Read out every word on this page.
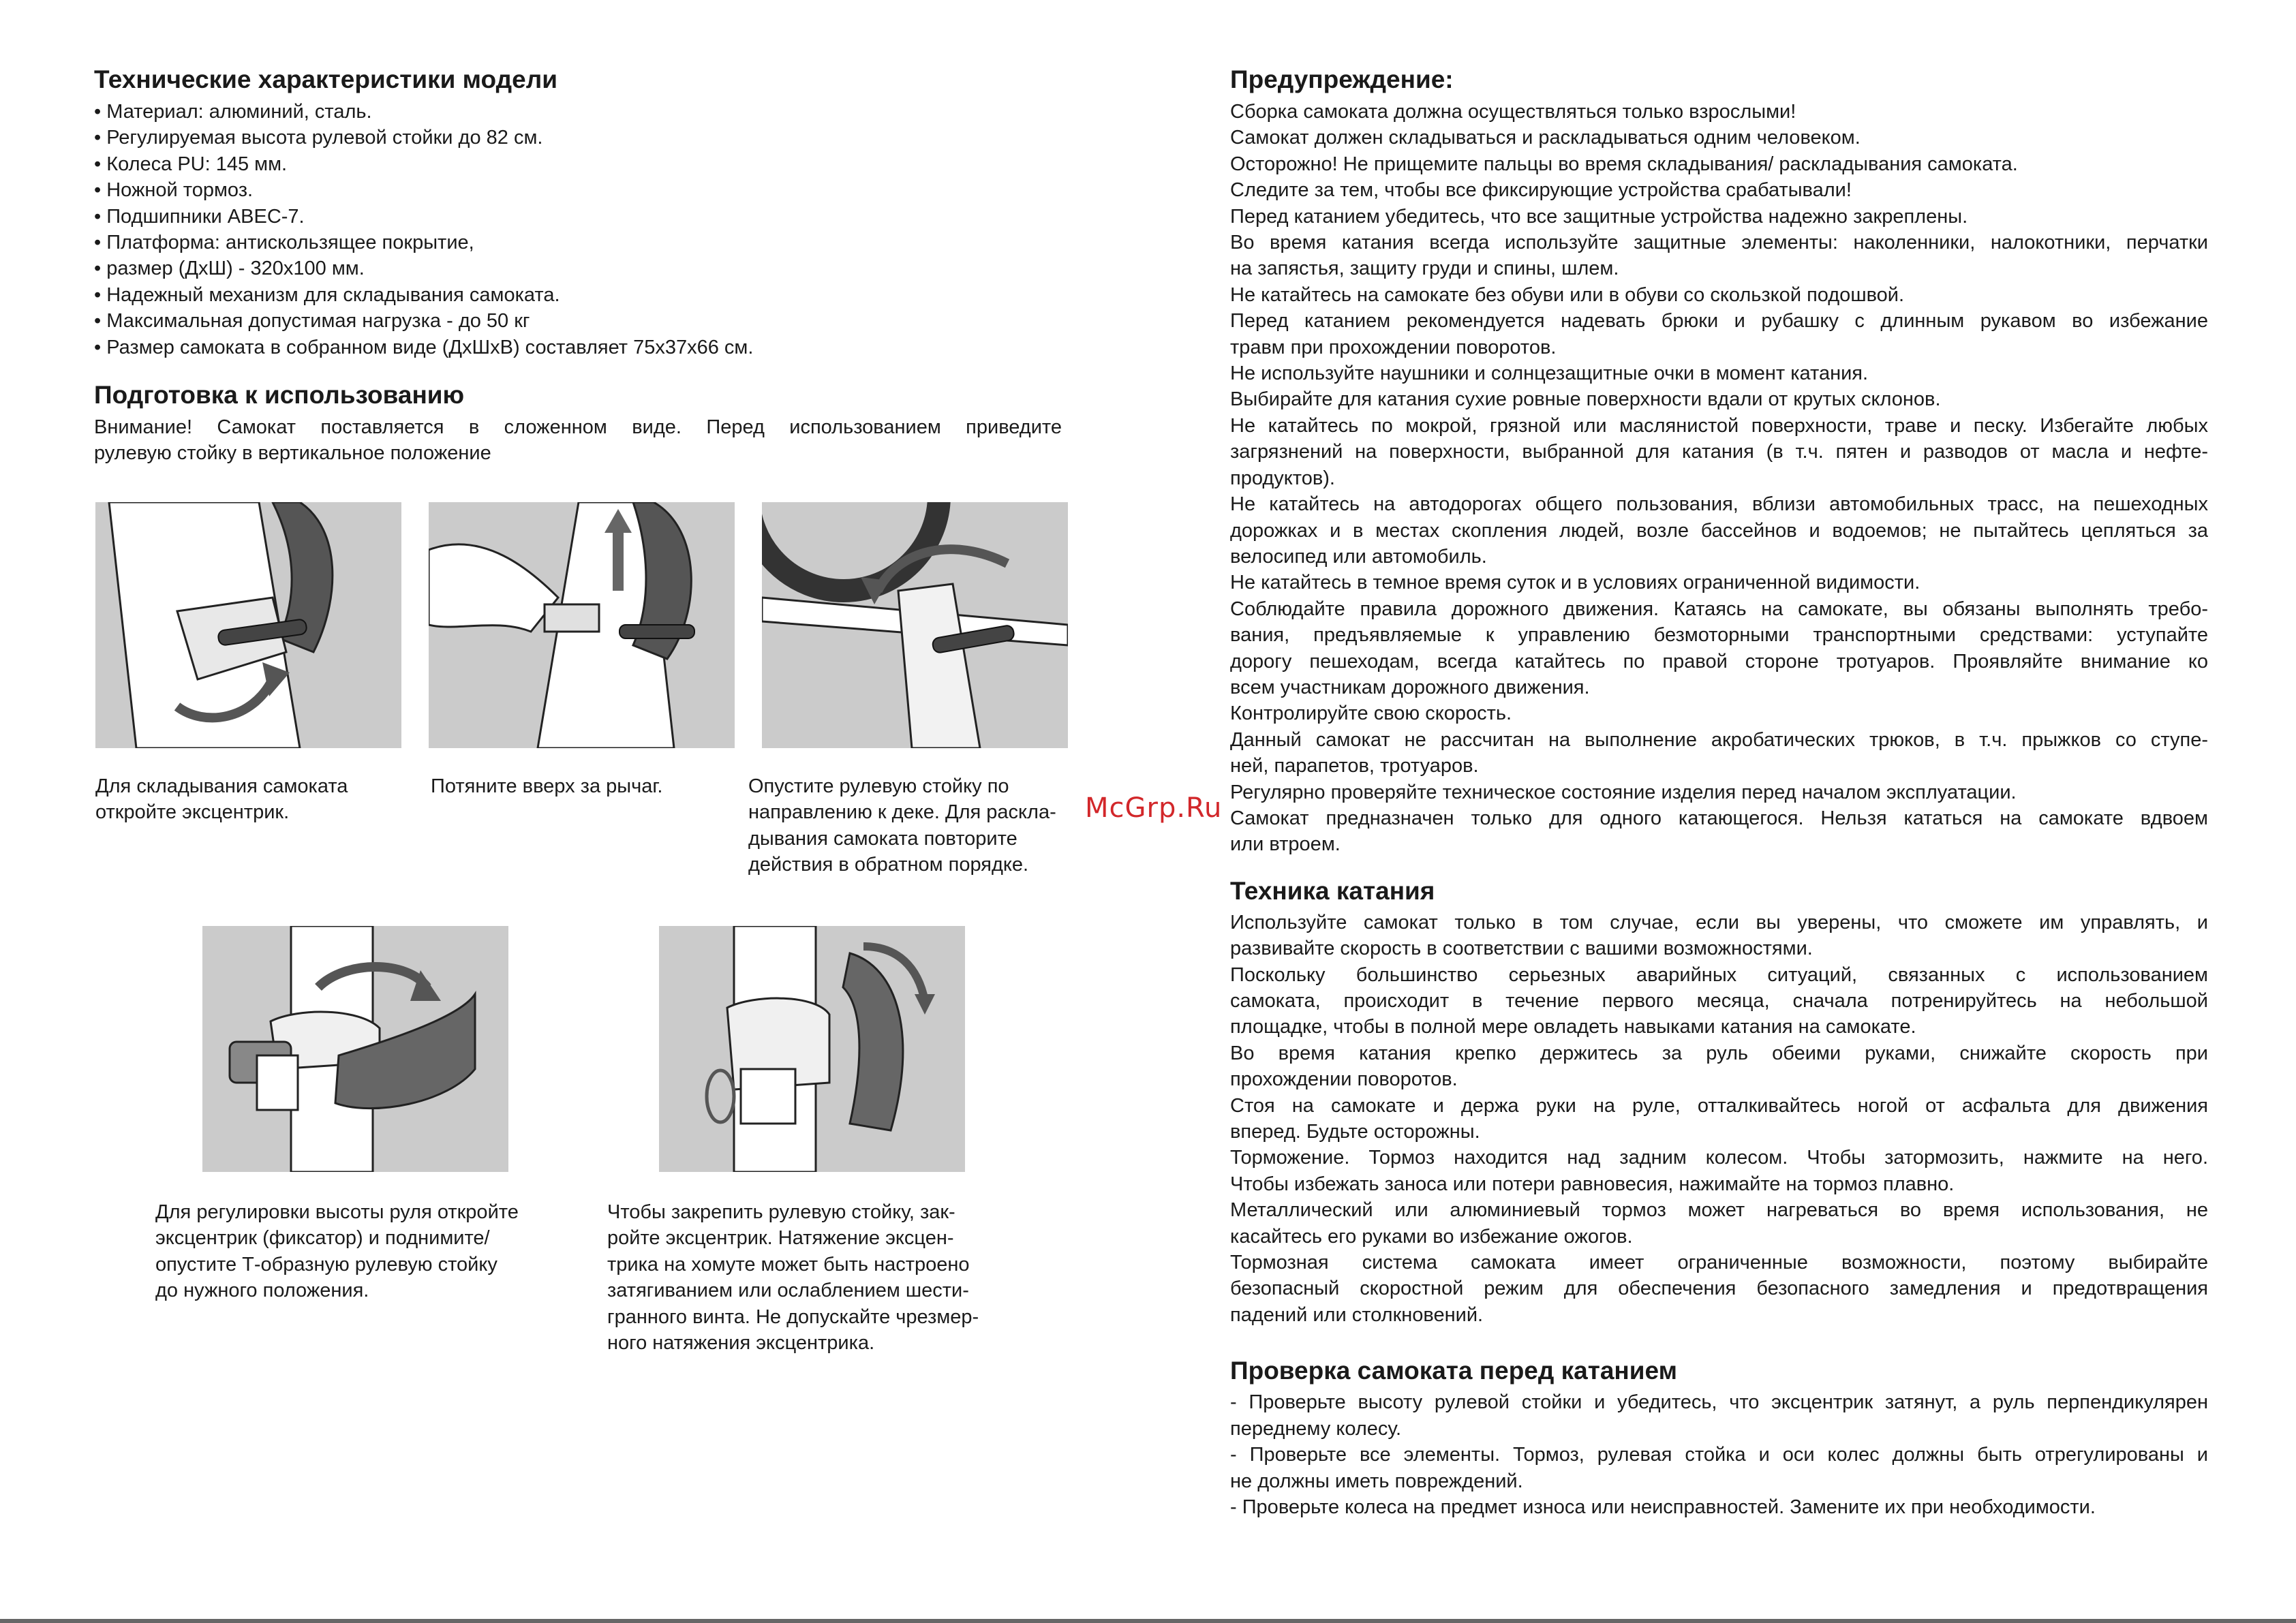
Технические характеристики модели
• Материал: алюминий, сталь.
• Регулируемая высота рулевой стойки до 82 см.
• Колеса PU: 145 мм.
• Ножной тормоз.
• Подшипники ABEC-7.
• Платформа: антискользящее покрытие,
• размер (ДхШ) - 320х100 мм.
• Надежный механизм для складывания самоката.
• Максимальная допустимая нагрузка - до 50 кг
• Размер самоката в собранном виде (ДхШхВ) составляет 75х37х66 см.
Подготовка к использованию
Внимание! Самокат поставляется в сложенном виде. Перед использованием приведите
рулевую стойку в вертикальное положение
Для складывания самоката
откройте эксцентрик.
Потяните вверх за рычаг.	Опустите рулевую стойку по
направлению к деке. Для раскла-
дывания самоката повторите
действия в обратном порядке.
Для регулировки высоты руля откройте
эксцентрик (фиксатор) и поднимите/
опустите Т-образную рулевую стойку
до нужного положения.
Чтобы закрепить рулевую стойку, зак-
ройте эксцентрик. Натяжение эксцен-
трика на хомуте может быть настроено
затягиванием или ослаблением шести-
гранного винта. Не допускайте чрезмер-
ного натяжения эксцентрика.
McGrp.Ru
Предупреждение:
Сборка самоката должна осуществляться только взрослыми!
Самокат должен складываться и раскладываться одним человеком.
Осторожно! Не прищемите пальцы во время складывания/ раскладывания самоката.
Следите за тем, чтобы все фиксирующие устройства срабатывали!
Перед катанием убедитесь, что все защитные устройства надежно закреплены.
Во время катания всегда используйте защитные элементы: наколенники, налокотники, перчатки
на запястья, защиту груди и спины, шлем.
Не катайтесь на самокате без обуви или в обуви со скользкой подошвой.
Перед катанием рекомендуется надевать брюки и рубашку с длинным рукавом во избежание
травм при прохождении поворотов.
Не используйте наушники и солнцезащитные очки в момент катания.
Выбирайте для катания сухие ровные поверхности вдали от крутых склонов.
Не катайтесь по мокрой, грязной или маслянистой поверхности, траве и песку. Избегайте любых
загрязнений на поверхности, выбранной для катания (в т.ч. пятен и разводов от масла и нефте-
продуктов).
Не катайтесь на автодорогах общего пользования, вблизи автомобильных трасс, на пешеходных
дорожках и в местах скопления людей, возле бассейнов и водоемов; не пытайтесь цепляться за
велосипед или автомобиль.
Не катайтесь в темное время суток и в условиях ограниченной видимости.
Соблюдайте правила дорожного движения. Катаясь на самокате, вы обязаны выполнять требо-
вания, предъявляемые к управлению безмоторными транспортными средствами: уступайте
дорогу пешеходам, всегда катайтесь по правой стороне тротуаров. Проявляйте внимание ко
всем участникам дорожного движения.
Контролируйте свою скорость.
Данный самокат не рассчитан на выполнение акробатических трюков, в т.ч. прыжков со ступе-
ней, парапетов, тротуаров.
Регулярно проверяйте техническое состояние изделия перед началом эксплуатации.
Самокат предназначен только для одного катающегося. Нельзя кататься на самокате вдвоем
или втроем.
Техника катания
Используйте самокат только в том случае, если вы уверены, что сможете им управлять, и
развивайте скорость в соответствии с вашими возможностями.
Поскольку большинство серьезных аварийных ситуаций, связанных с использованием
самоката, происходит в течение первого месяца, сначала потренируйтесь на небольшой
площадке, чтобы в полной мере овладеть навыками катания на самокате.
Во время катания крепко держитесь за руль обеими руками, снижайте скорость при
прохождении поворотов.
Стоя на самокате и держа руки на руле, отталкивайтесь ногой от асфальта для движения
вперед. Будьте осторожны.
Торможение. Тормоз находится над задним колесом. Чтобы затормозить, нажмите на него.
Чтобы избежать заноса или потери равновесия, нажимайте на тормоз плавно.
Металлический или алюминиевый тормоз может нагреваться во время использования, не
касайтесь его руками во избежание ожогов.
Тормозная система самоката имеет ограниченные возможности, поэтому выбирайте
безопасный скоростной режим для обеспечения безопасного замедления и предотвращения
падений или столкновений.
Проверка самоката перед катанием
- Проверьте высоту рулевой стойки и убедитесь, что эксцентрик затянут, а руль перпендикулярен
переднему колесу.
- Проверьте все элементы. Тормоз, рулевая стойка и оси колес должны быть отрегулированы и
не должны иметь повреждений.
- Проверьте колеса на предмет износа или неисправностей. Замените их при необходимости.
